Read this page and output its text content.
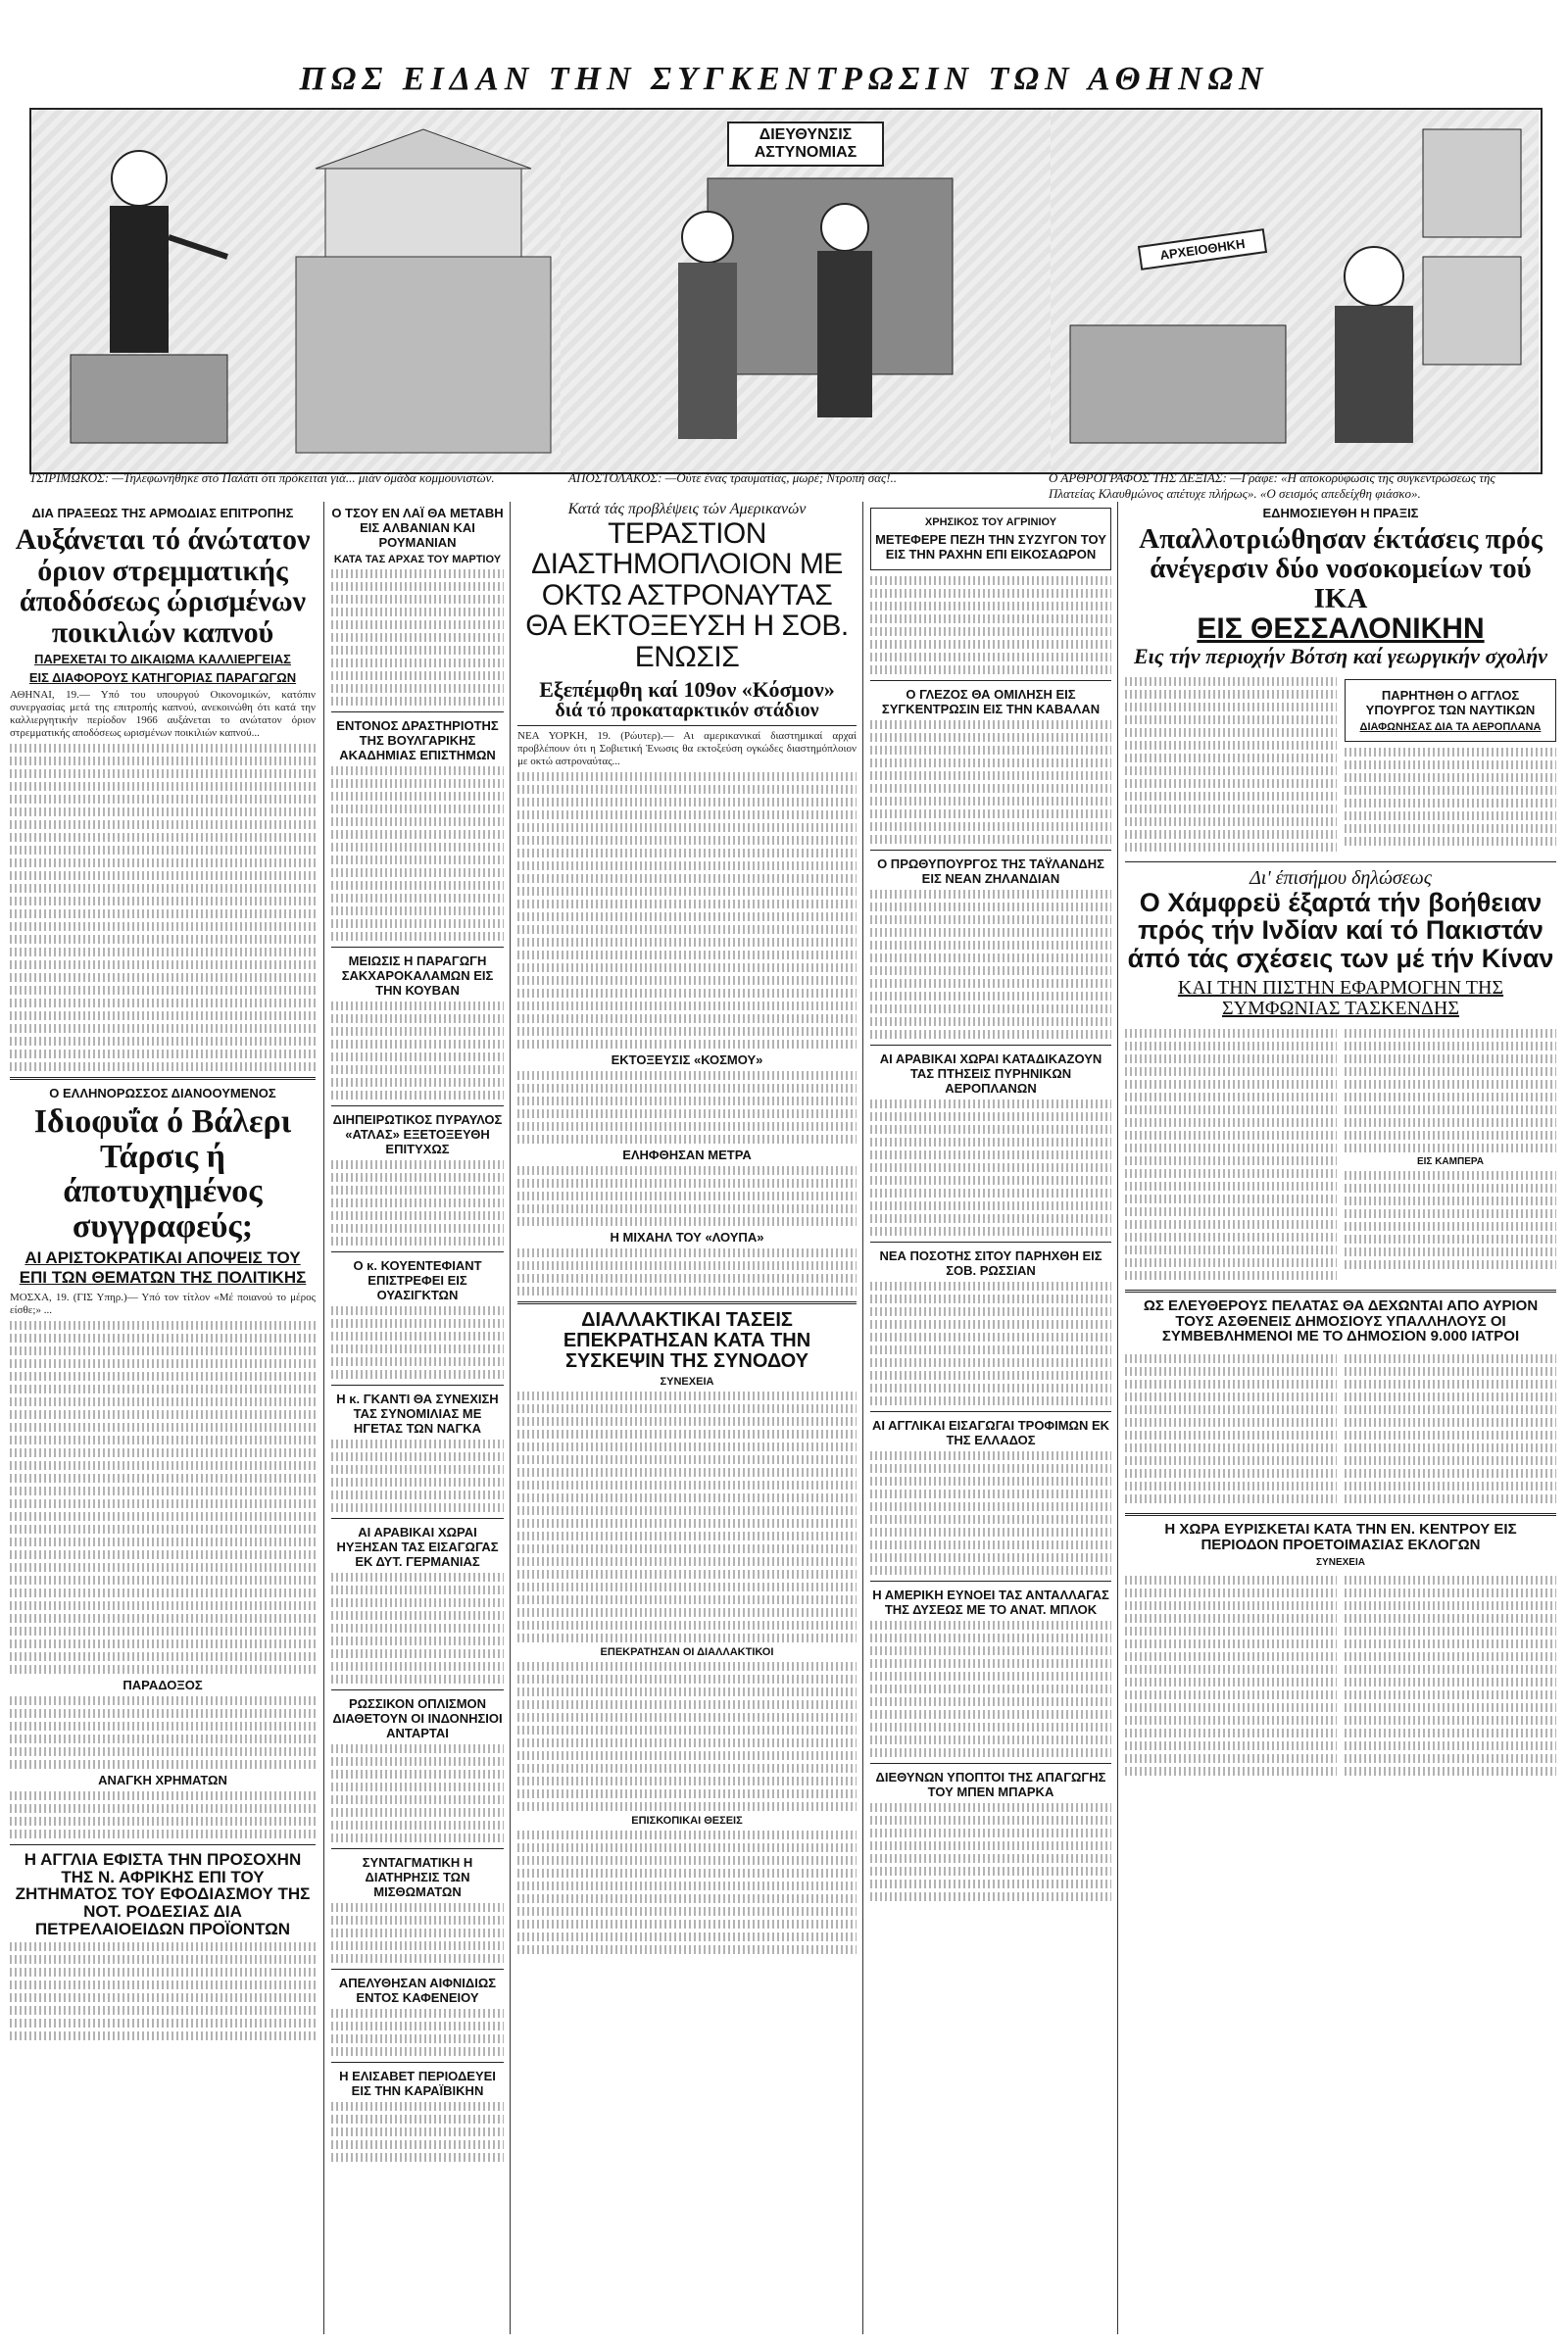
ΠΩΣ ΕΙΔΑΝ ΤΗΝ ΣΥΓΚΕΝΤΡΩΣΙΝ ΤΩΝ ΑΘΗΝΩΝ
ΔΙΕΥΘΥΝΣΙΣ ΑΣΤΥΝΟΜΙΑΣ
ΑΡΧΕΙΟΘΗΚΗ
ΤΣΙΡΙΜΩΚΟΣ: —Τηλεφωνήθηκε στό Παλάτι ότι πρόκειται γιά... μιάν όμάδα κομμουνιστών.	ΑΠΟΣΤΟΛΑΚΟΣ: —Ούτε ένας τραυματίας, μωρέ; Ντροπή σας!..	Ο ΑΡΘΡΟΓΡΑΦΟΣ ΤΗΣ ΔΕΞΙΑΣ: —Γράφε: «Η αποκορύφωσις της συγκεντρώσεως τής Πλατείας Κλαυθμώνος απέτυχε πλήρως». «Ο σεισμός απεδείχθη φιάσκο».
ΔΙΑ ΠΡΑΞΕΩΣ ΤΗΣ ΑΡΜΟΔΙΑΣ ΕΠΙΤΡΟΠΗΣ
Αυξάνεται τό άνώτατον όριον στρεμματικής άποδόσεως ώρισμένων ποικιλιών καπνού
ΠΑΡΕΧΕΤΑΙ ΤΟ ΔΙΚΑΙΩΜΑ ΚΑΛΛΙΕΡΓΕΙΑΣ
ΕΙΣ ΔΙΑΦΟΡΟΥΣ ΚΑΤΗΓΟΡΙΑΣ ΠΑΡΑΓΩΓΩΝ
ΑΘΗΝΑΙ, 19.— Υπό του υπουργού Οικονομικών, κατόπιν συνεργασίας μετά της επιτροπής καπνού, ανεκοινώθη ότι κατά την καλλιεργητικήν περίοδον 1966 αυξάνεται το ανώτατον όριον στρεμματικής αποδόσεως ωρισμένων ποικιλιών καπνού...
Ο ΕΛΛΗΝΟΡΩΣΣΟΣ ΔΙΑΝΟΟΥΜΕΝΟΣ
Ιδιοφυΐα ό Βάλερι Τάρσις ή άποτυχημένος συγγραφεύς;
ΑΙ ΑΡΙΣΤΟΚΡΑΤΙΚΑΙ ΑΠΟΨΕΙΣ ΤΟΥ ΕΠΙ ΤΩΝ ΘΕΜΑΤΩΝ ΤΗΣ ΠΟΛΙΤΙΚΗΣ
ΜΟΣΧΑ, 19. (ΓΙΣ Υπηρ.)— Υπό τον τίτλον «Μέ ποιανού το μέρος είσθε;» ...
ΠΑΡΑΔΟΞΟΣ
ΑΝΑΓΚΗ ΧΡΗΜΑΤΩΝ
Η ΑΓΓΛΙΑ ΕΦΙΣΤΑ ΤΗΝ ΠΡΟΣΟΧΗΝ ΤΗΣ Ν. ΑΦΡΙΚΗΣ ΕΠΙ ΤΟΥ ΖΗΤΗΜΑΤΟΣ ΤΟΥ ΕΦΟΔΙΑΣΜΟΥ ΤΗΣ ΝΟΤ. ΡΟΔΕΣΙΑΣ ΔΙΑ ΠΕΤΡΕΛΑΙΟΕΙΔΩΝ ΠΡΟΪΟΝΤΩΝ
Ο ΤΣΟΥ ΕΝ ΛΑΪ ΘΑ ΜΕΤΑΒΗ ΕΙΣ ΑΛΒΑΝΙΑΝ ΚΑΙ ΡΟΥΜΑΝΙΑΝ
ΚΑΤΑ ΤΑΣ ΑΡΧΑΣ ΤΟΥ ΜΑΡΤΙΟΥ
ΕΝΤΟΝΟΣ ΔΡΑΣΤΗΡΙΟΤΗΣ ΤΗΣ ΒΟΥΛΓΑΡΙΚΗΣ ΑΚΑΔΗΜΙΑΣ ΕΠΙΣΤΗΜΩΝ
ΜΕΙΩΣΙΣ Η ΠΑΡΑΓΩΓΗ ΣΑΚΧΑΡΟΚΑΛΑΜΩΝ ΕΙΣ ΤΗΝ ΚΟΥΒΑΝ
ΔΙΗΠΕΙΡΩΤΙΚΟΣ ΠΥΡΑΥΛΟΣ «ΑΤΛΑΣ» ΕΞΕΤΟΞΕΥΘΗ ΕΠΙΤΥΧΩΣ
Ο κ. ΚΟΥΕΝΤΕΦΙΑΝΤ ΕΠΙΣΤΡΕΦΕΙ ΕΙΣ ΟΥΑΣΙΓΚΤΩΝ
Η κ. ΓΚΑΝΤΙ ΘΑ ΣΥΝΕΧΙΣΗ ΤΑΣ ΣΥΝΟΜΙΛΙΑΣ ΜΕ ΗΓΕΤΑΣ ΤΩΝ ΝΑΓΚΑ
ΑΙ ΑΡΑΒΙΚΑΙ ΧΩΡΑΙ ΗΥΞΗΣΑΝ ΤΑΣ ΕΙΣΑΓΩΓΑΣ ΕΚ ΔΥΤ. ΓΕΡΜΑΝΙΑΣ
ΡΩΣΣΙΚΟΝ ΟΠΛΙΣΜΟΝ ΔΙΑΘΕΤΟΥΝ ΟΙ ΙΝΔΟΝΗΣΙΟΙ ΑΝΤΑΡΤΑΙ
ΣΥΝΤΑΓΜΑΤΙΚΗ Η ΔΙΑΤΗΡΗΣΙΣ ΤΩΝ ΜΙΣΘΩΜΑΤΩΝ
ΑΠΕΛΥΘΗΣΑΝ ΑΙΦΝΙΔΙΩΣ ΕΝΤΟΣ ΚΑΦΕΝΕΙΟΥ
Η ΕΛΙΣΑΒΕΤ ΠΕΡΙΟΔΕΥΕΙ ΕΙΣ ΤΗΝ ΚΑΡΑΪΒΙΚΗΝ
Κατά τάς προβλέψεις τών Αμερικανών
ΤΕΡΑΣΤΙΟΝ ΔΙΑΣΤΗΜΟΠΛΟΙΟΝ ΜΕ ΟΚΤΩ ΑΣΤΡΟΝΑΥΤΑΣ ΘΑ ΕΚΤΟΞΕΥΣΗ Η ΣΟΒ. ΕΝΩΣΙΣ
Εξεπέμφθη καί 109ον «Κόσμον»
διά τό προκαταρκτικόν στάδιον
ΝΕΑ ΥΟΡΚΗ, 19. (Ρώυτερ).— Αι αμερικανικαί διαστημικαί αρχαί προβλέπουν ότι η Σοβιετική Ένωσις θα εκτοξεύση ογκώδες διαστημόπλοιον με οκτώ αστροναύτας...
ΕΚΤΟΞΕΥΣΙΣ «ΚΟΣΜΟΥ»
ΕΛΗΦΘΗΣΑΝ ΜΕΤΡΑ
Η ΜΙΧΑΗΛ ΤΟΥ «ΛΟΥΠΑ»
ΔΙΑΛΛΑΚΤΙΚΑΙ ΤΑΣΕΙΣ ΕΠΕΚΡΑΤΗΣΑΝ ΚΑΤΑ ΤΗΝ ΣΥΣΚΕΨΙΝ ΤΗΣ ΣΥΝΟΔΟΥ
ΣΥΝΕΧΕΙΑ
ΕΠΕΚΡΑΤΗΣΑΝ ΟΙ ΔΙΑΛΛΑΚΤΙΚΟΙ
ΕΠΙΣΚΟΠΙΚΑΙ ΘΕΣΕΙΣ
ΧΡΗΣΙΚΟΣ ΤΟΥ ΑΓΡΙΝΙΟΥ
ΜΕΤΕΦΕΡΕ ΠΕΖΗ ΤΗΝ ΣΥΖΥΓΟΝ ΤΟΥ ΕΙΣ ΤΗΝ ΡΑΧΗΝ ΕΠΙ ΕΙΚΟΣΑΩΡΟΝ
Ο ΓΛΕΖΟΣ ΘΑ ΟΜΙΛΗΣΗ ΕΙΣ ΣΥΓΚΕΝΤΡΩΣΙΝ ΕΙΣ ΤΗΝ ΚΑΒΑΛΑΝ
Ο ΠΡΩΘΥΠΟΥΡΓΟΣ ΤΗΣ ΤΑΫΛΑΝΔΗΣ ΕΙΣ ΝΕΑΝ ΖΗΛΑΝΔΙΑΝ
ΑΙ ΑΡΑΒΙΚΑΙ ΧΩΡΑΙ ΚΑΤΑΔΙΚΑΖΟΥΝ ΤΑΣ ΠΤΗΣΕΙΣ ΠΥΡΗΝΙΚΩΝ ΑΕΡΟΠΛΑΝΩΝ
ΝΕΑ ΠΟΣΟΤΗΣ ΣΙΤΟΥ ΠΑΡΗΧΘΗ ΕΙΣ ΣΟΒ. ΡΩΣΣΙΑΝ
ΑΙ ΑΓΓΛΙΚΑΙ ΕΙΣΑΓΩΓΑΙ ΤΡΟΦΙΜΩΝ ΕΚ ΤΗΣ ΕΛΛΑΔΟΣ
Η ΑΜΕΡΙΚΗ ΕΥΝΟΕΙ ΤΑΣ ΑΝΤΑΛΛΑΓΑΣ ΤΗΣ ΔΥΣΕΩΣ ΜΕ ΤΟ ΑΝΑΤ. ΜΠΛΟΚ
ΔΙΕΘΥΝΩΝ ΥΠΟΠΤΟΙ ΤΗΣ ΑΠΑΓΩΓΗΣ ΤΟΥ ΜΠΕΝ ΜΠΑΡΚΑ
ΕΔΗΜΟΣΙΕΥΘΗ Η ΠΡΑΞΙΣ
Απαλλοτριώθησαν έκτάσεις πρός άνέγερσιν δύο νοσοκομείων τού ΙΚΑ
ΕΙΣ ΘΕΣΣΑΛΟΝΙΚΗΝ
Εις τήν περιοχήν Βότση καί γεωργικήν σχολήν
ΠΑΡΗΤΗΘΗ Ο ΑΓΓΛΟΣ ΥΠΟΥΡΓΟΣ ΤΩΝ ΝΑΥΤΙΚΩΝ
ΔΙΑΦΩΝΗΣΑΣ ΔΙΑ ΤΑ ΑΕΡΟΠΛΑΝΑ
Δι' έπισήμου δηλώσεως
Ο Χάμφρεϋ έξαρτά τήν βοήθειαν πρός τήν Ινδίαν καί τό Πακιστάν άπό τάς σχέσεις των μέ τήν Κίναν
ΚΑΙ ΤΗΝ ΠΙΣΤΗΝ ΕΦΑΡΜΟΓΗΝ ΤΗΣ ΣΥΜΦΩΝΙΑΣ ΤΑΣΚΕΝΔΗΣ
ΕΙΣ ΚΑΜΠΕΡΑ
ΩΣ ΕΛΕΥΘΕΡΟΥΣ ΠΕΛΑΤΑΣ ΘΑ ΔΕΧΩΝΤΑΙ ΑΠΟ ΑΥΡΙΟΝ ΤΟΥΣ ΑΣΘΕΝΕΙΣ ΔΗΜΟΣΙΟΥΣ ΥΠΑΛΛΗΛΟΥΣ ΟΙ ΣΥΜΒΕΒΛΗΜΕΝΟΙ ΜΕ ΤΟ ΔΗΜΟΣΙΟΝ 9.000 ΙΑΤΡΟΙ
Η ΧΩΡΑ ΕΥΡΙΣΚΕΤΑΙ ΚΑΤΑ ΤΗΝ ΕΝ. ΚΕΝΤΡΟΥ ΕΙΣ ΠΕΡΙΟΔΟΝ ΠΡΟΕΤΟΙΜΑΣΙΑΣ ΕΚΛΟΓΩΝ
ΣΥΝΕΧΕΙΑ
